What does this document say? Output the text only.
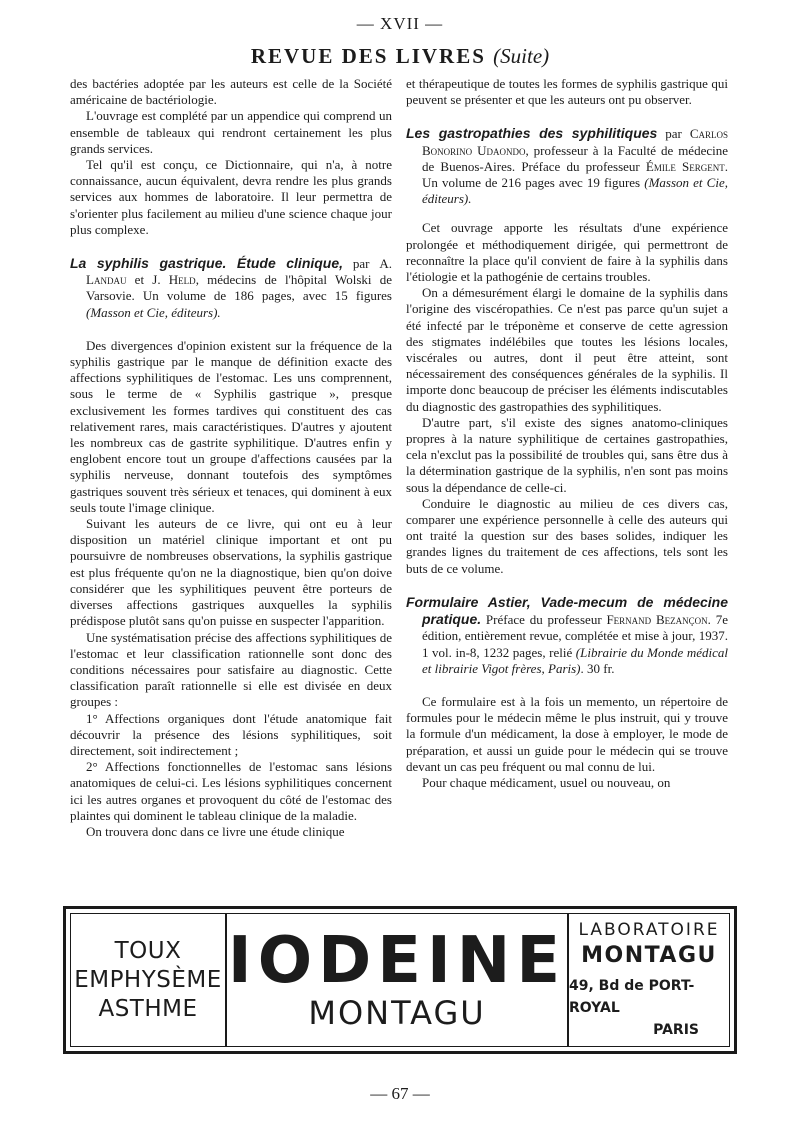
— XVII —
REVUE DES LIVRES (Suite)

des bactéries adoptée par les auteurs est celle de la Société américaine de bactériologie.

L'ouvrage est complété par un appendice qui comprend un ensemble de tableaux qui rendront certainement les plus grands services.

Tel qu'il est conçu, ce Dictionnaire, qui n'a, à notre connaissance, aucun équivalent, devra rendre les plus grands services aux hommes de laboratoire. Il leur permettra de s'orienter plus facilement au milieu d'une science chaque jour plus complexe.

La syphilis gastrique. Étude clinique, par A. Landau et J. Held, médecins de l'hôpital Wolski de Varsovie. Un volume de 186 pages, avec 15 figures (Masson et Cie, éditeurs).

Des divergences d'opinion existent sur la fréquence de la syphilis gastrique par le manque de définition exacte des affections syphilitiques de l'estomac. Les uns comprennent, sous le terme de « Syphilis gastrique », presque exclusivement les formes tardives qui constituent des cas relativement rares, mais caractéristiques. D'autres y ajoutent les nombreux cas de gastrite syphilitique. D'autres enfin y englobent encore tout un groupe d'affections causées par la syphilis nerveuse, donnant toutefois des symptômes gastriques souvent très sérieux et tenaces, qui dominent à eux seuls toute l'image clinique.

Suivant les auteurs de ce livre, qui ont eu à leur disposition un matériel clinique important et ont pu poursuivre de nombreuses observations, la syphilis gastrique est plus fréquente qu'on ne la diagnostique, bien qu'on doive considérer que les syphilitiques peuvent être porteurs de diverses affections gastriques auxquelles la syphilis prédispose plutôt sans qu'on puisse en suspecter l'apparition.

Une systématisation précise des affections syphilitiques de l'estomac et leur classification rationnelle sont donc des conditions nécessaires pour satisfaire au diagnostic. Cette classification paraît rationnelle si elle est divisée en deux groupes :

1° Affections organiques dont l'étude anatomique fait découvrir la présence des lésions syphilitiques, soit directement, soit indirectement ;

2° Affections fonctionnelles de l'estomac sans lésions anatomiques de celui-ci. Les lésions syphilitiques concernent ici les autres organes et provoquent du côté de l'estomac des plaintes qui dominent le tableau clinique de la maladie.

On trouvera donc dans ce livre une étude clinique

et thérapeutique de toutes les formes de syphilis gastrique qui peuvent se présenter et que les auteurs ont pu observer.

Les gastropathies des syphilitiques par Carlos Bonorino Udaondo, professeur à la Faculté de médecine de Buenos-Aires. Préface du professeur Émile Sergent. Un volume de 216 pages avec 19 figures (Masson et Cie, éditeurs).

Cet ouvrage apporte les résultats d'une expérience prolongée et méthodiquement dirigée, qui permettront de reconnaître la place qu'il convient de faire à la syphilis dans l'étiologie et la pathogénie de certains troubles.

On a démesurément élargi le domaine de la syphilis dans l'origine des viscéropathies. Ce n'est pas parce qu'un sujet a été infecté par le tréponème et conserve de cette agression des stigmates indélébiles que toutes les lésions locales, viscérales ou autres, dont il peut être atteint, sont nécessairement des conséquences générales de la syphilis. Il importe donc beaucoup de préciser les éléments indiscutables du diagnostic des gastropathies des syphilitiques.

D'autre part, s'il existe des signes anatomo-cliniques propres à la nature syphilitique de certaines gastropathies, cela n'exclut pas la possibilité de troubles qui, sans être dus à la détermination gastrique de la syphilis, n'en sont pas moins sous la dépendance de celle-ci.

Conduire le diagnostic au milieu de ces divers cas, comparer une expérience personnelle à celle des auteurs qui ont traité la question sur des bases solides, indiquer les grandes lignes du traitement de ces affections, tels sont les buts de ce volume.

Formulaire Astier, Vade-mecum de médecine pratique. Préface du professeur Fernand Bezançon. 7e édition, entièrement revue, complétée et mise à jour, 1937. 1 vol. in-8, 1232 pages, relié (Librairie du Monde médical et librairie Vigot frères, Paris). 30 fr.

Ce formulaire est à la fois un memento, un répertoire de formules pour le médecin même le plus instruit, qui y trouve la formule d'un médicament, la dose à employer, le mode de préparation, et aussi un guide pour le médecin qui se trouve devant un cas peu fréquent ou mal connu de lui.

Pour chaque médicament, usuel ou nouveau, on

TOUX
EMPHYSÈME
ASTHME
IODEINE
MONTAGU
LABORATOIRE
MONTAGU
49, Bd de PORT-ROYAL
PARIS
— 67 —
